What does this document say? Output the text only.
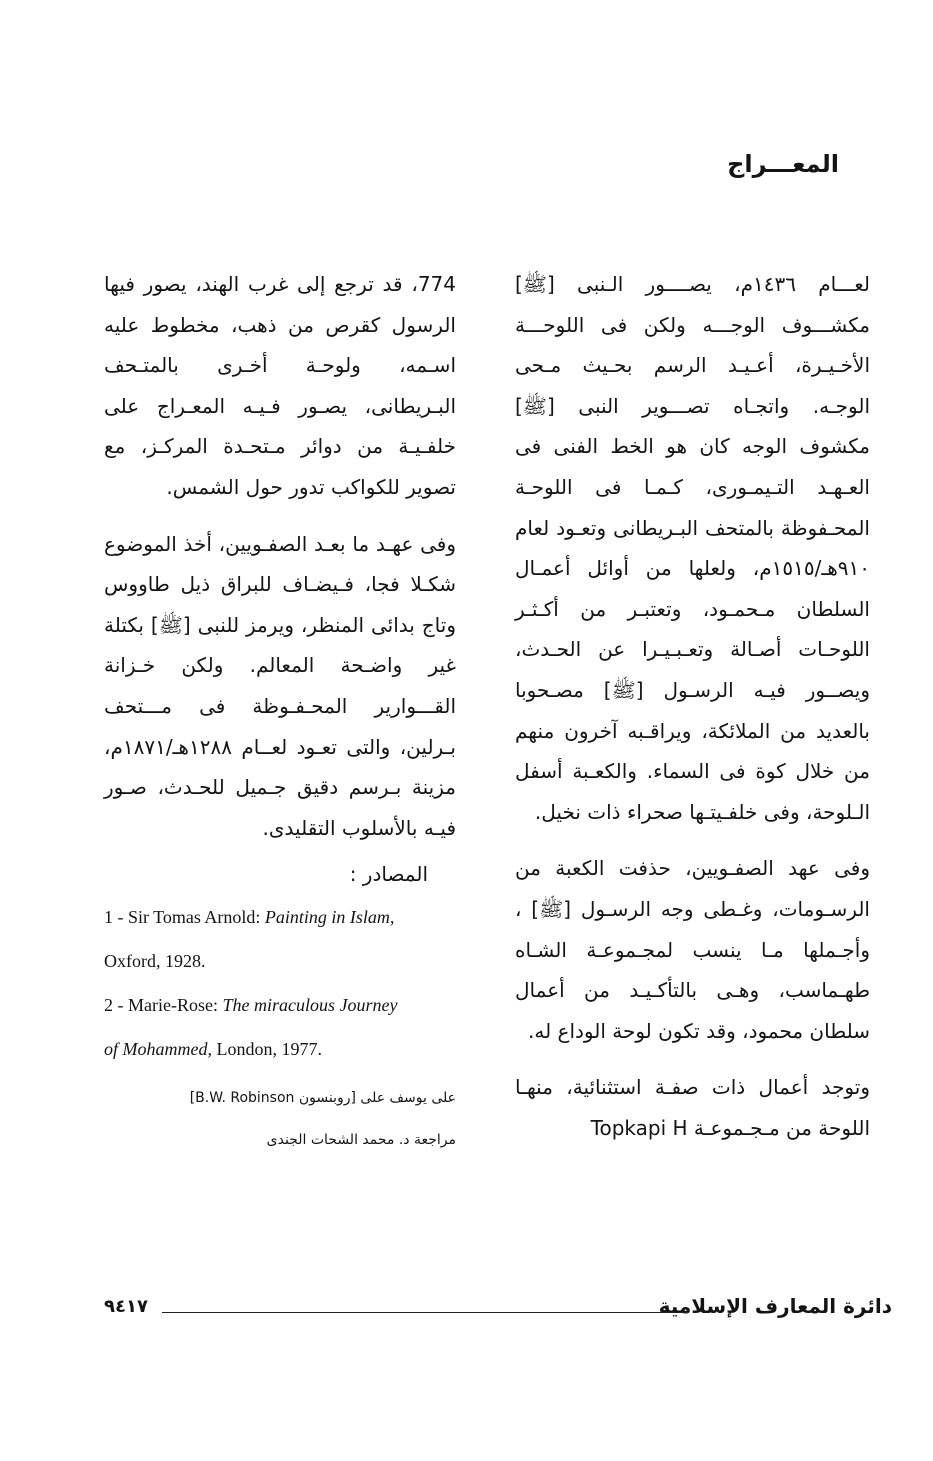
المعـــراج

لعـــام ١٤٣٦م، يصــــور الـنبى [ﷺ] مكشـــوف الوجـــه ولكن فى اللوحـــة الأخـيـرة، أعـيـد الرسم بحـيث مـحى الوجـه. واتجـاه تصـــوير النبى [ﷺ] مكشوف الوجه كان هو الخط الفنى فى العـهـد التـيمـورى، كـمـا فى اللوحـة المحـفوظة بالمتحف البـريطانى وتعـود لعام ٩١٠هـ/١٥١٥م، ولعلها من أوائل أعمـال السلطان مـحمـود، وتعتبـر من أكـثـر اللوحـات أصـالة وتعـبـيـرا عن الحـدث، ويصــور فيـه الرسـول [ﷺ] مصـحوبا بالعديد من الملائكة، ويراقـبه آخرون منهم من خلال كوة فى السماء. والكعـبة أسفل الـلوحة، وفى خلفـيتـها صحراء ذات نخيل.

وفى عهد الصفـويين، حذفت الكعبة من الرسـومات، وغـطى وجه الرسـول [ﷺ] ، وأجـملها مـا ينسب لمجـموعـة الشـاه طهـماسب، وهـى بالتأكـيـد من أعمال سلطان محمود، وقد تكون لوحة الوداع له.

وتوجد أعمال ذات صفـة استثنائية، منهـا اللوحة من مـجـموعـة Topkapi H

774، قد ترجع إلى غرب الهند، يصور فيها الرسول كقرص من ذهب، مخطوط عليه اسـمه، ولوحـة أخـرى بالمتـحف البـريطانى، يصـور فـيـه المعـراج على خلفـيـة من دوائر مـتحـدة المركـز، مع تصوير للكواكب تدور حول الشمس.

وفى عهـد ما بعـد الصفـويين، أخذ الموضوع شكـلا فجا، فـيضـاف للبراق ذيل طاووس وتاج بدائى المنظر، ويرمز للنبى [ﷺ] بكتلة غير واضـحة المعالم. ولكن خـزانة القـــوارير المحـفـوظة فى مـــتحف بـرلين، والتى تعـود لعــام ١٢٨٨هـ/١٨٧١م، مزينة بـرسم دقيق جـميل للحـدث، صـور فيـه بالأسلوب التقليدى.

المصادر :

1 - Sir Tomas Arnold: Painting in Islam,
Oxford, 1928.

2 - Marie-Rose: The miraculous Journey
of Mohammed, London, 1977.

على يوسف على [روبنسون B.W. Robinson]

مراجعة د. محمد الشحات الجندى

دائرة المعارف الإسلامية
٩٤١٧
